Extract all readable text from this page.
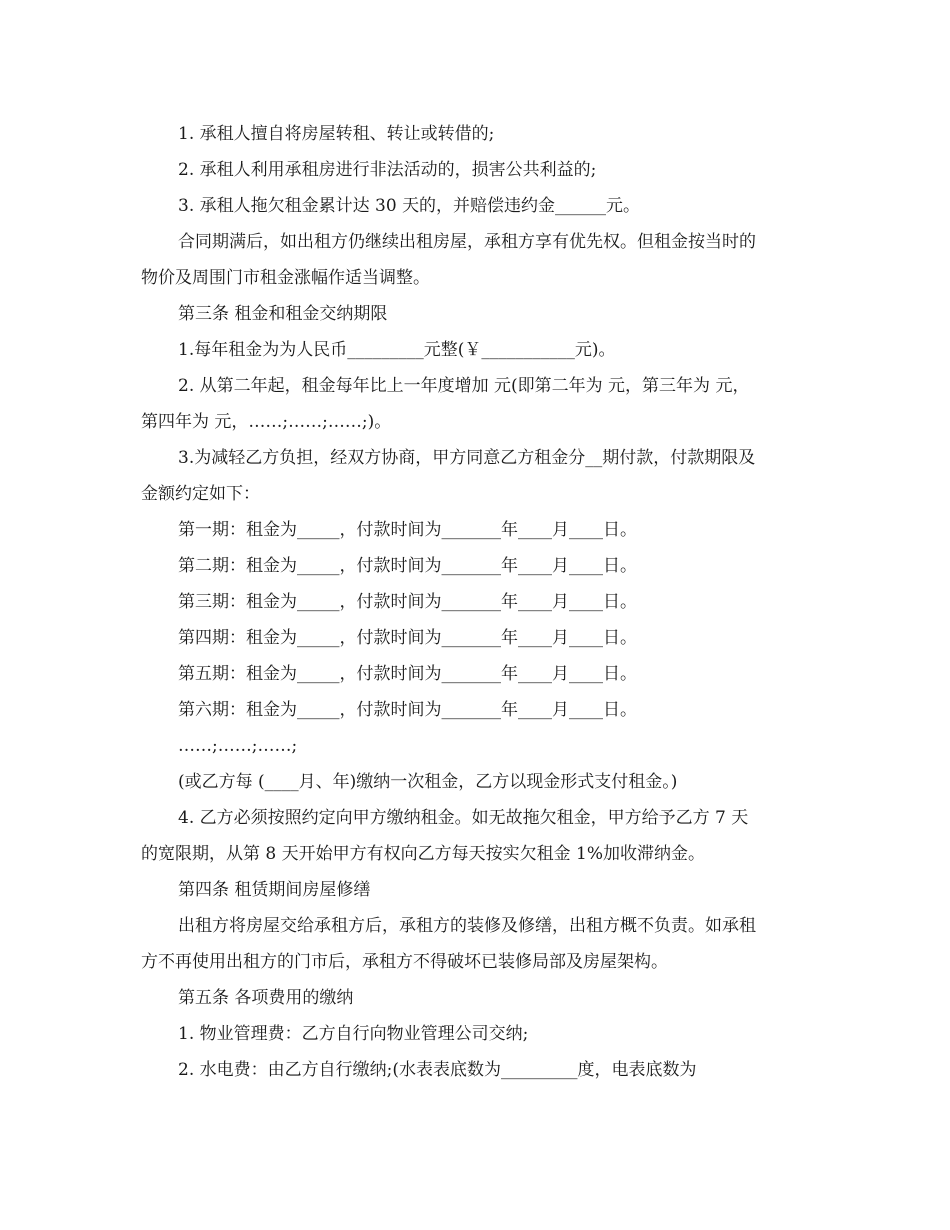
1. 承租人擅自将房屋转租、转让或转借的;

2. 承租人利用承租房进行非法活动的，损害公共利益的;

3. 承租人拖欠租金累计达 30 天的，并赔偿违约金______元。

合同期满后，如出租方仍继续出租房屋，承租方享有优先权。但租金按当时的

物价及周围门市租金涨幅作适当调整。

第三条 租金和租金交纳期限

1.每年租金为为人民币_________元整(￥___________元)。

2. 从第二年起，租金每年比上一年度增加 元(即第二年为 元，第三年为 元，

第四年为 元，……;……;……;)。

3.为减轻乙方负担，经双方协商，甲方同意乙方租金分__期付款，付款期限及

金额约定如下：

第一期：租金为_____，付款时间为_______年____月____日。

第二期：租金为_____，付款时间为_______年____月____日。

第三期：租金为_____，付款时间为_______年____月____日。

第四期：租金为_____，付款时间为_______年____月____日。

第五期：租金为_____，付款时间为_______年____月____日。

第六期：租金为_____，付款时间为_______年____月____日。

……;……;……;

(或乙方每 (____月、年)缴纳一次租金，乙方以现金形式支付租金。)

4. 乙方必须按照约定向甲方缴纳租金。如无故拖欠租金，甲方给予乙方 7 天

的宽限期，从第 8 天开始甲方有权向乙方每天按实欠租金 1%加收滞纳金。

第四条 租赁期间房屋修缮

出租方将房屋交给承租方后，承租方的装修及修缮，出租方概不负责。如承租

方不再使用出租方的门市后，承租方不得破坏已装修局部及房屋架构。

第五条 各项费用的缴纳

1. 物业管理费：乙方自行向物业管理公司交纳;

2. 水电费：由乙方自行缴纳;(水表表底数为_________度，电表底数为
